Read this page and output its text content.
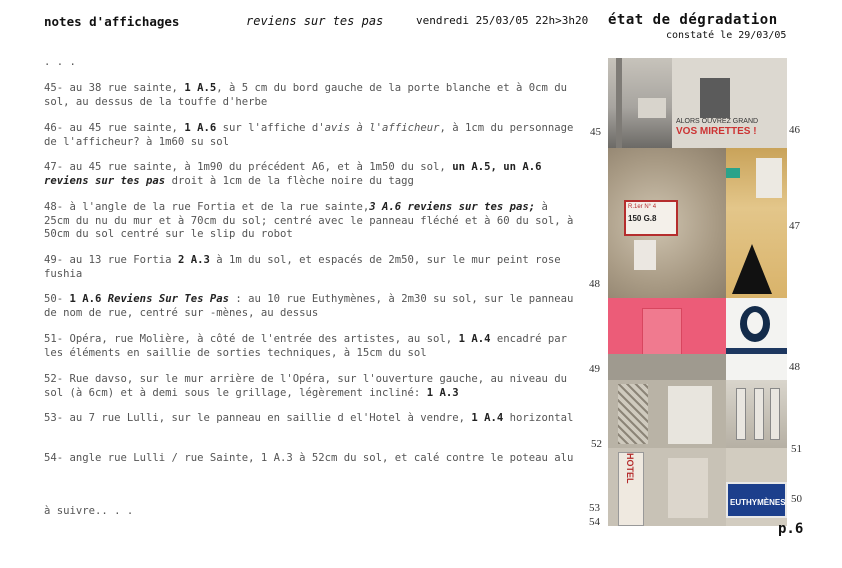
notes d'affichages	reviens sur tes pas	vendredi 25/03/05 22h>3h20 état de dégradation
constaté le 29/03/05

. . .

45- au 38 rue sainte, 1 A.5, à 5 cm du bord gauche de la porte blanche et à 0cm du sol, au dessus de la touffe d'herbe

46- au 45 rue sainte, 1 A.6 sur l'affiche d'avis à l'afficheur, à 1cm du personnage de l'afficheur? à 1m60 su sol

47- au 45 rue sainte, à 1m90 du précédent A6, et à 1m50 du sol, un A.5, un A.6
reviens sur tes pas droit à 1cm de la flèche noire du tagg

48- à l'angle de la rue Fortia et de la rue sainte,3 A.6 reviens sur tes pas; à 25cm du nu du mur et à 70cm du sol; centré avec le panneau fléché et à 60 du sol, à 50cm du sol centré sur le slip du robot

49- au 13 rue Fortia 2 A.3 à 1m du sol, et espacés de 2m50, sur le mur peint rose fushia

50- 1 A.6 Reviens Sur Tes Pas : au 10 rue Euthymènes, à 2m30 su sol, sur le panneau de nom de rue, centré sur -mènes, au dessus

51- Opéra, rue Molière, à côté de l'entrée des artistes, au sol, 1 A.4 encadré par les éléments en saillie de sorties techniques, à 15cm du sol

52- Rue davso, sur le mur arrière de l'Opéra, sur l'ouverture gauche, au niveau du sol (à 6cm) et à demi sous le grillage, légèrement incliné: 1 A.3

53- au 7 rue Lulli, sur le panneau en saillie d el'Hotel à vendre, 1 A.4 horizontal

54- angle rue Lulli / rue Sainte, 1 A.3 à 52cm du sol, et calé contre le poteau alu

à suivre.. . .

ALORS OUVREZ GRAND
VOS MIRETTES !
R.1er N° 4
150 G.8
HOTEL
EUTHYMÈNES
45	46
47
48
49	48
52	51
50
53
54	p.6
